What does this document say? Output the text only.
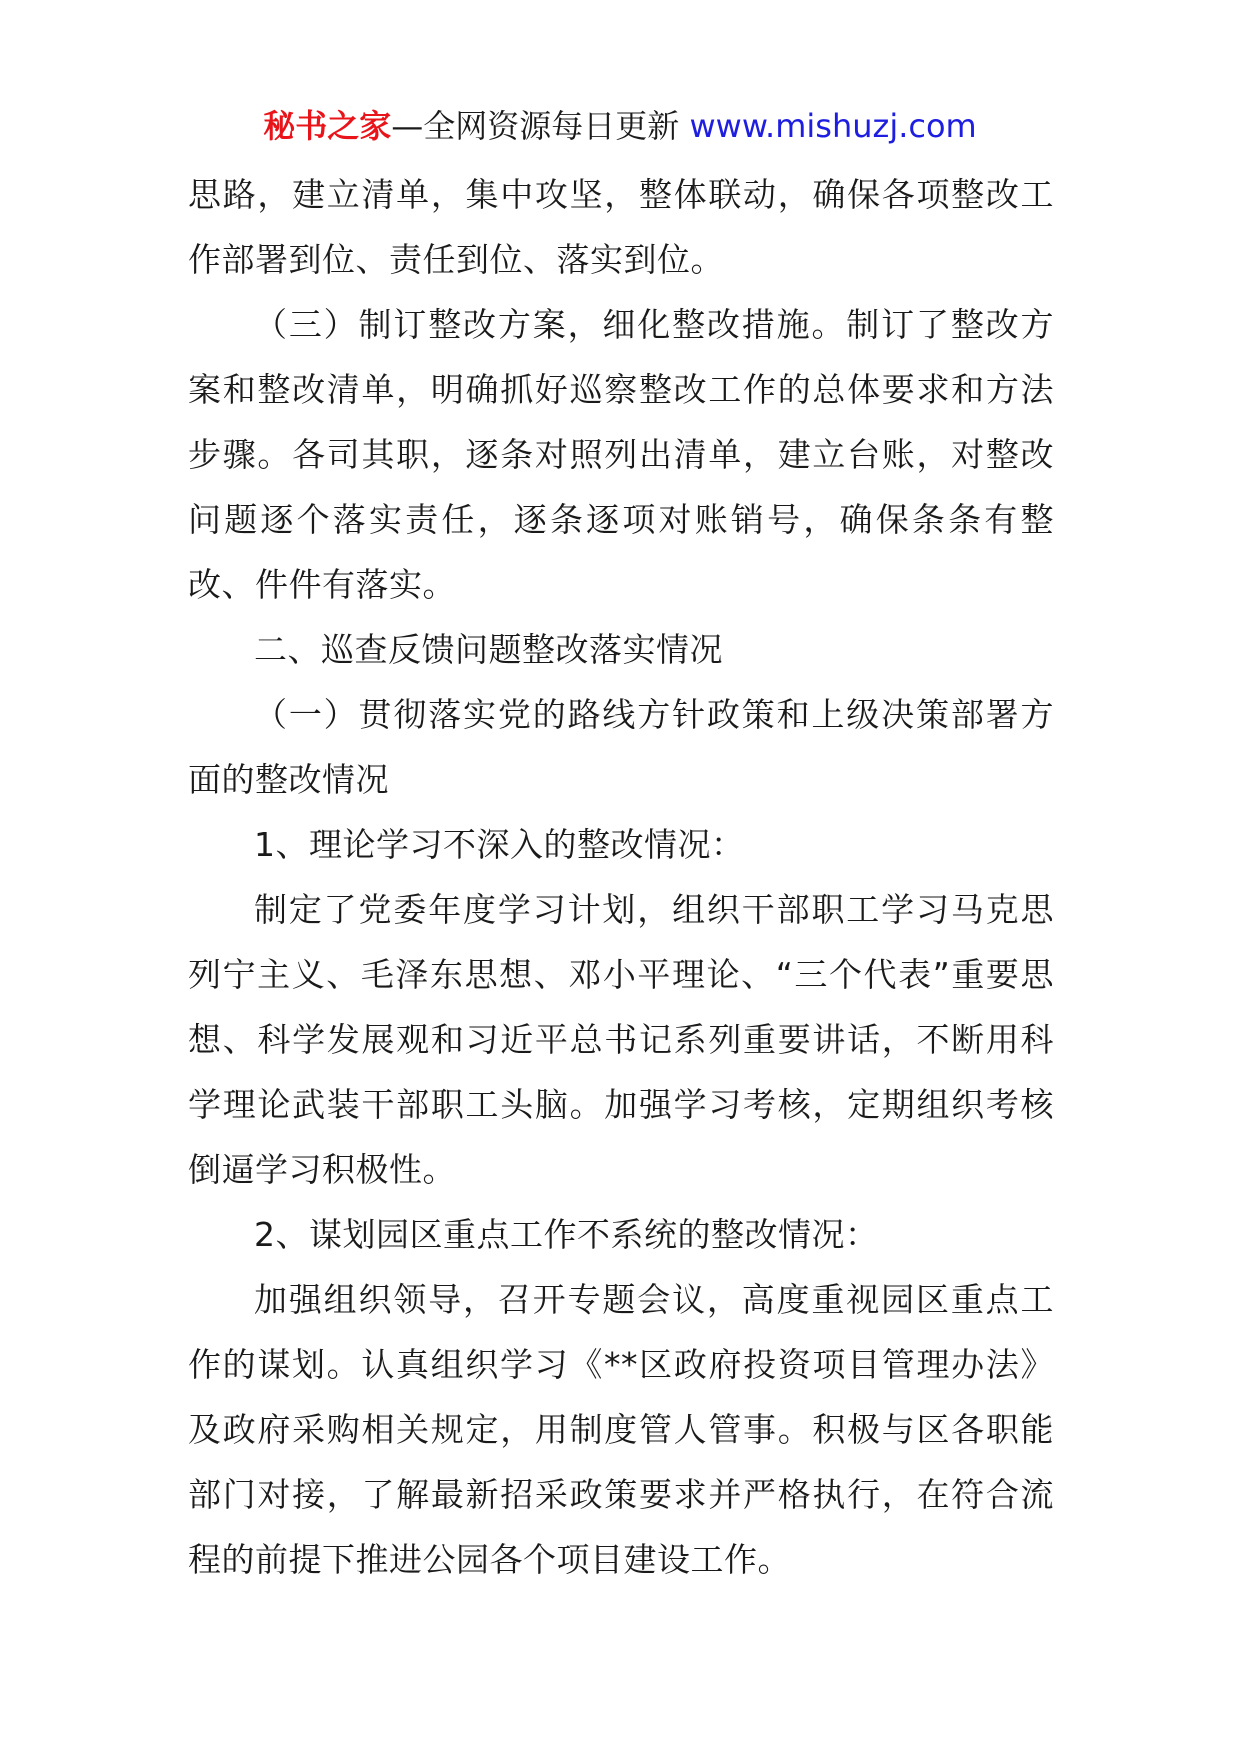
秘书之家—全网资源每日更新 www.mishuzj.com

思路，建立清单，集中攻坚，整体联动，确保各项整改工作部署到位、责任到位、落实到位。

（三）制订整改方案，细化整改措施。制订了整改方案和整改清单，明确抓好巡察整改工作的总体要求和方法步骤。各司其职，逐条对照列出清单，建立台账，对整改问题逐个落实责任，逐条逐项对账销号，确保条条有整改、件件有落实。

二、巡查反馈问题整改落实情况

（一）贯彻落实党的路线方针政策和上级决策部署方面的整改情况

1、理论学习不深入的整改情况：

制定了党委年度学习计划，组织干部职工学习马克思列宁主义、毛泽东思想、邓小平理论、“三个代表”重要思想、科学发展观和习近平总书记系列重要讲话，不断用科学理论武装干部职工头脑。加强学习考核，定期组织考核倒逼学习积极性。

2、谋划园区重点工作不系统的整改情况：

加强组织领导，召开专题会议，高度重视园区重点工作的谋划。认真组织学习《**区政府投资项目管理办法》及政府采购相关规定，用制度管人管事。积极与区各职能部门对接，了解最新招采政策要求并严格执行，在符合流程的前提下推进公园各个项目建设工作。
